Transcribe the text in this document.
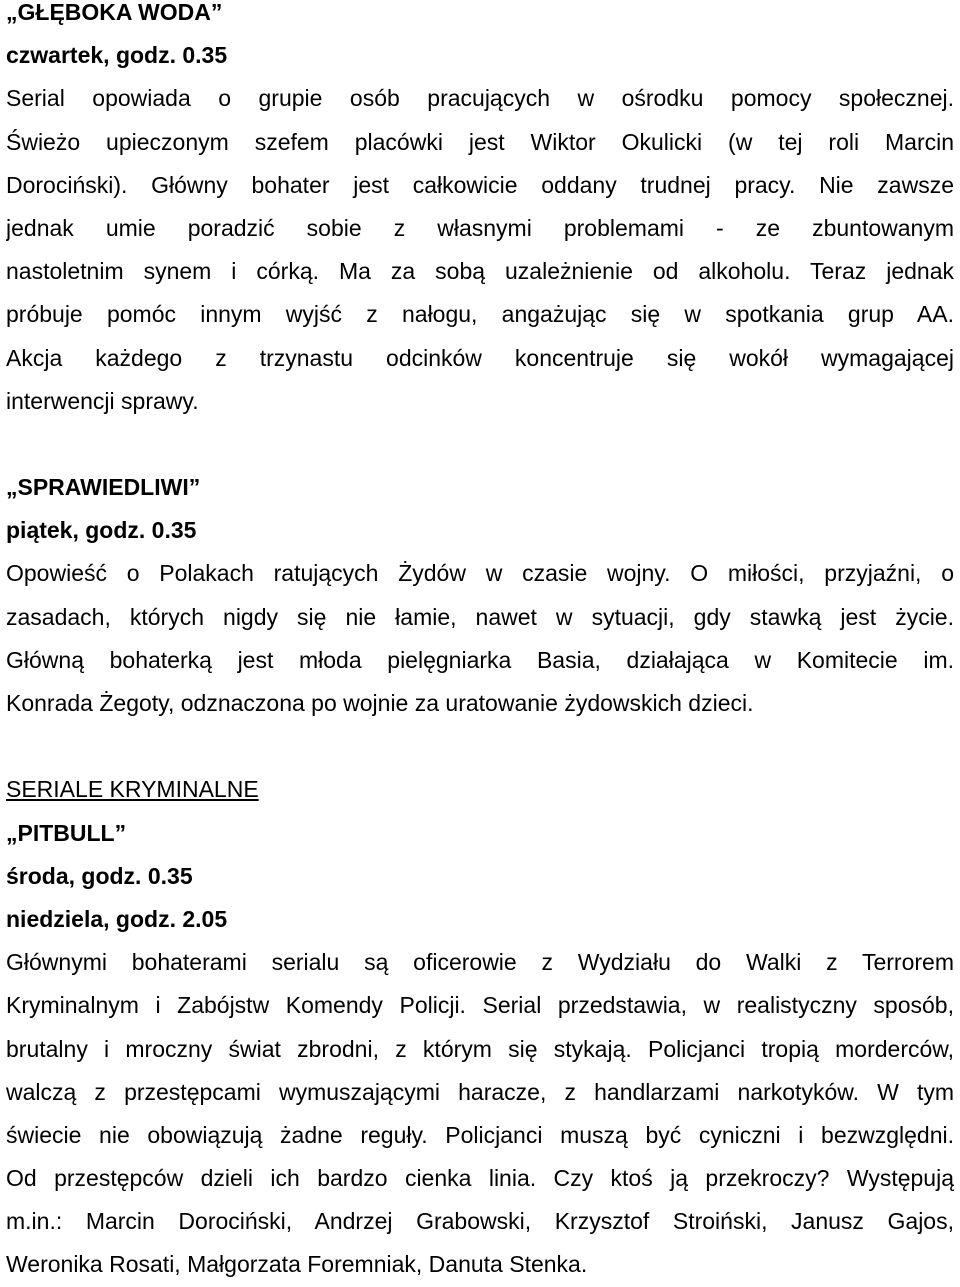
„GŁĘBOKA WODA”
czwartek, godz. 0.35
Serial opowiada o grupie osób pracujących w ośrodku pomocy społecznej.
Świeżo upieczonym szefem placówki jest Wiktor Okulicki (w tej roli Marcin
Dorociński). Główny bohater jest całkowicie oddany trudnej pracy. Nie zawsze
jednak umie poradzić sobie z własnymi problemami - ze zbuntowanym
nastoletnim synem i córką. Ma za sobą uzależnienie od alkoholu. Teraz jednak
próbuje pomóc innym wyjść z nałogu, angażując się w spotkania grup AA.
Akcja każdego z trzynastu odcinków koncentruje się wokół wymagającej
interwencji sprawy.
„SPRAWIEDLIWI”
piątek, godz. 0.35
Opowieść o Polakach ratujących Żydów w czasie wojny. O miłości, przyjaźni, o
zasadach, których nigdy się nie łamie, nawet w sytuacji, gdy stawką jest życie.
Główną bohaterką jest młoda pielęgniarka Basia, działająca w Komitecie im.
Konrada Żegoty, odznaczona po wojnie za uratowanie żydowskich dzieci.
SERIALE KRYMINALNE
„PITBULL”
środa, godz. 0.35
niedziela, godz. 2.05
Głównymi bohaterami serialu są oficerowie z Wydziału do Walki z Terrorem
Kryminalnym i Zabójstw Komendy Policji. Serial przedstawia, w realistyczny sposób,
brutalny i mroczny świat zbrodni, z którym się stykają. Policjanci tropią morderców,
walczą z przestępcami wymuszającymi haracze, z handlarzami narkotyków. W tym
świecie nie obowiązują żadne reguły. Policjanci muszą być cyniczni i bezwzględni.
Od przestępców dzieli ich bardzo cienka linia. Czy ktoś ją przekroczy? Występują
m.in.: Marcin Dorociński, Andrzej Grabowski, Krzysztof Stroiński, Janusz Gajos,
Weronika Rosati, Małgorzata Foremniak, Danuta Stenka.
